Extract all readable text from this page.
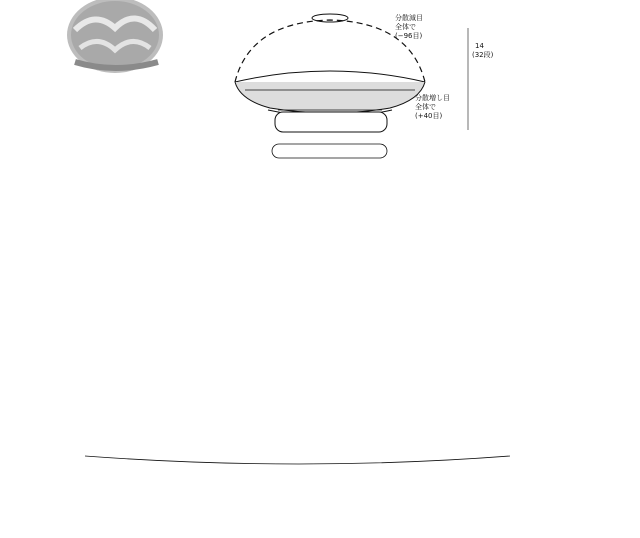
分散減目全体で(−96目)
分散増し目全体で(+40目)
14 (32段)
